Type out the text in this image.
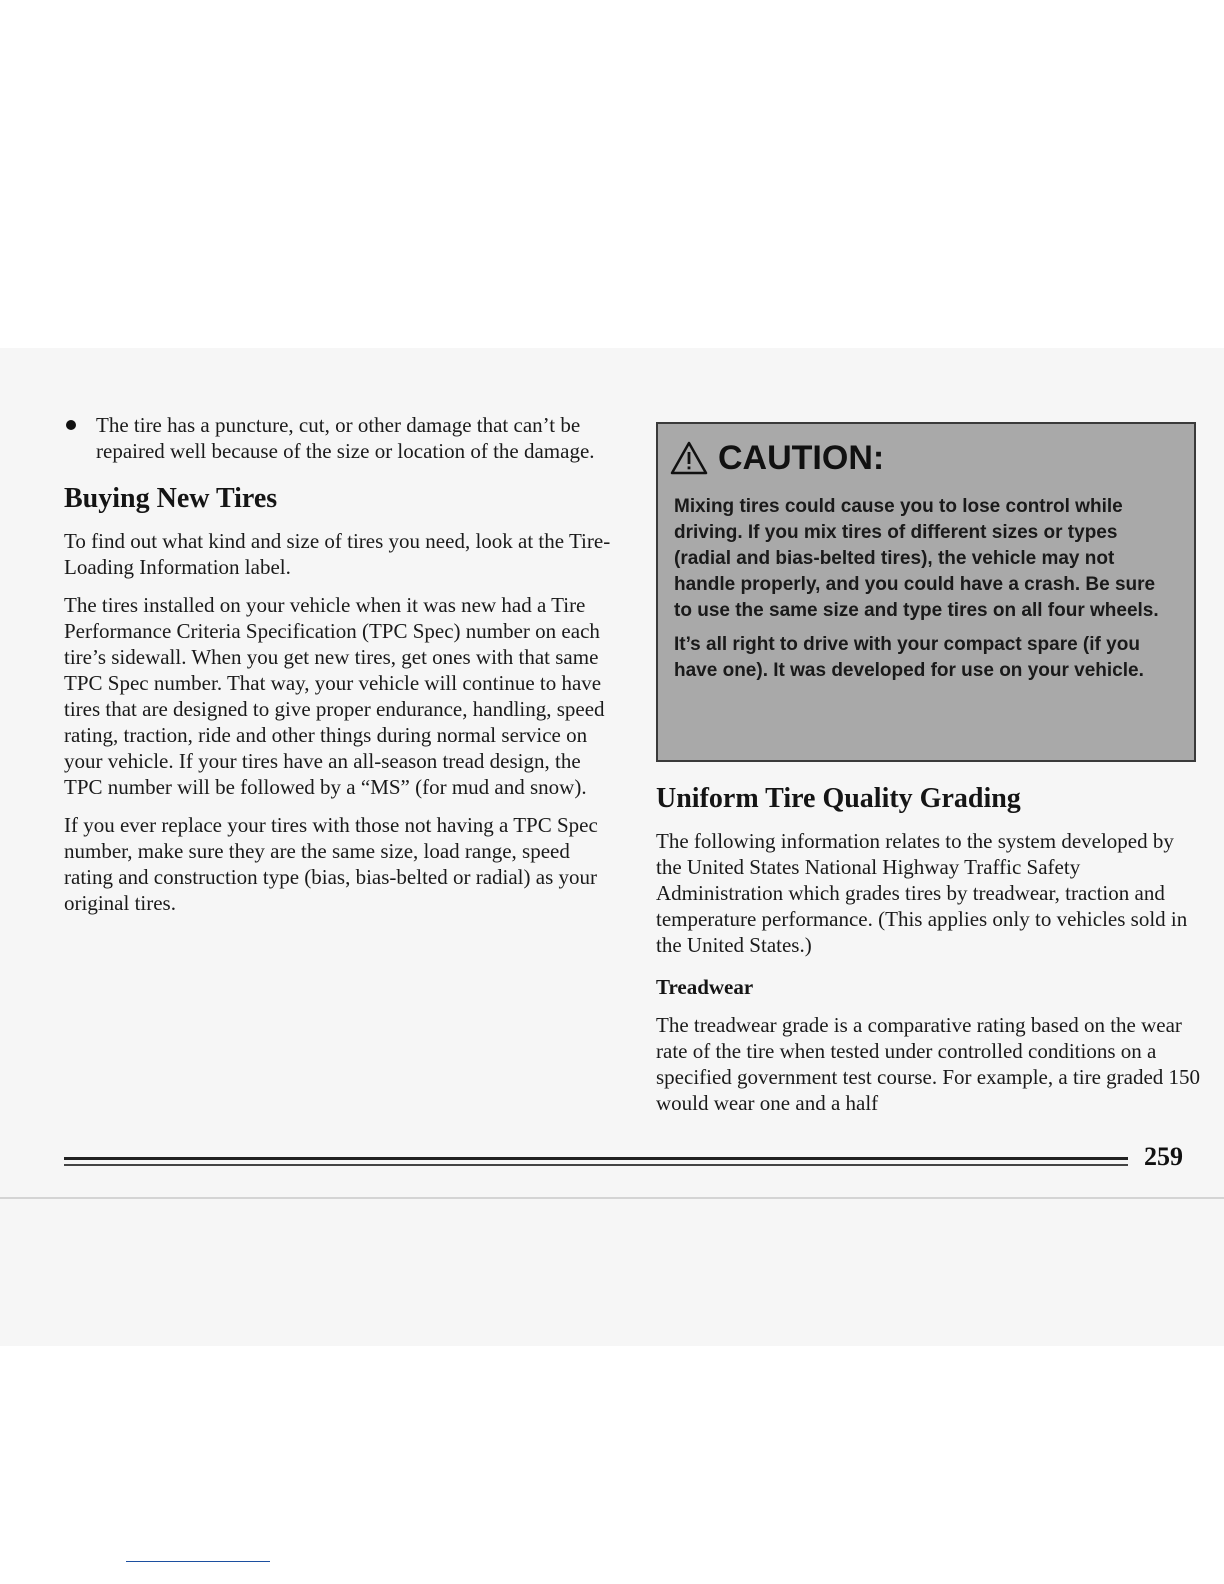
The tire has a puncture, cut, or other damage that can’t be repaired well because of the size or location of the damage.
Buying New Tires

To find out what kind and size of tires you need, look at the Tire-Loading Information label.

The tires installed on your vehicle when it was new had a Tire Performance Criteria Specification (TPC Spec) number on each tire’s sidewall. When you get new tires, get ones with that same TPC Spec number. That way, your vehicle will continue to have tires that are designed to give proper endurance, handling, speed rating, traction, ride and other things during normal service on your vehicle. If your tires have an all-season tread design, the TPC number will be followed by a “MS” (for mud and snow).

If you ever replace your tires with those not having a TPC Spec number, make sure they are the same size, load range, speed rating and construction type (bias, bias-belted or radial) as your original tires.

CAUTION:

Mixing tires could cause you to lose control while driving. If you mix tires of different sizes or types (radial and bias-belted tires), the vehicle may not handle properly, and you could have a crash. Be sure to use the same size and type tires on all four wheels.

It’s all right to drive with your compact spare (if you have one). It was developed for use on your vehicle.

Uniform Tire Quality Grading

The following information relates to the system developed by the United States National Highway Traffic Safety Administration which grades tires by treadwear, traction and temperature performance. (This applies only to vehicles sold in the United States.)

Treadwear

The treadwear grade is a comparative rating based on the wear rate of the tire when tested under controlled conditions on a specified government test course. For example, a tire graded 150 would wear one and a half

259
